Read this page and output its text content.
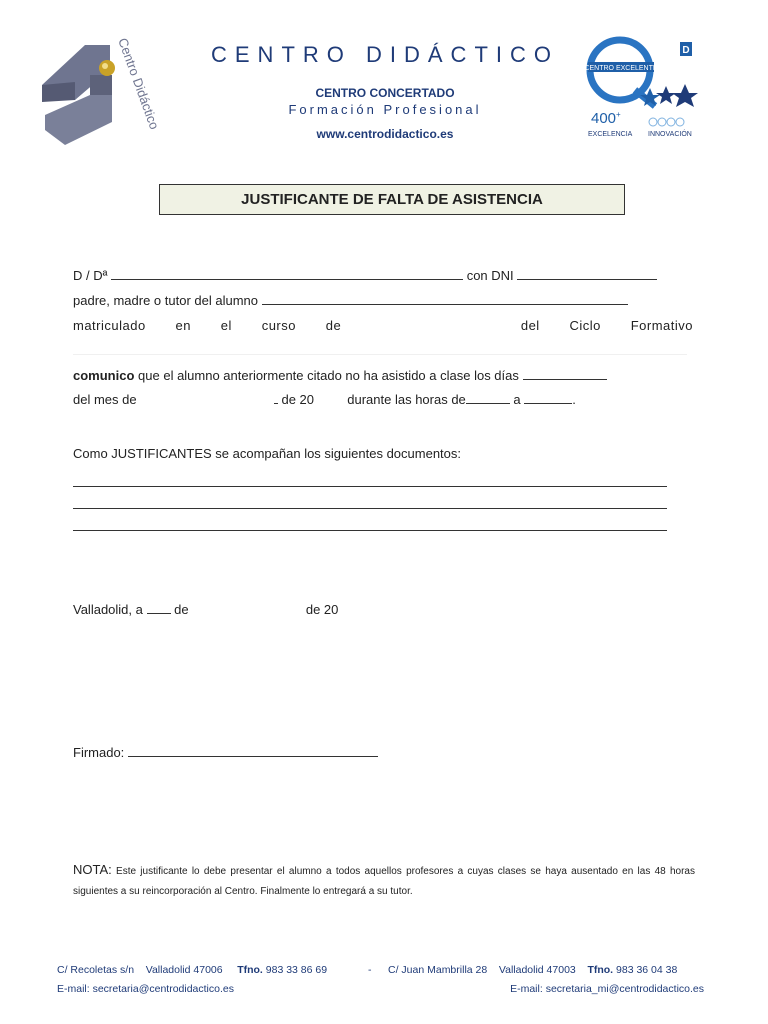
Centro Didáctico	CENTRO DIDÁCTICO
CENTRO CONCERTADO
Formación Profesional
www.centrodidactico.es
CENTRO EXCELENTE
D
400+
EXCELENCIA INNOVACIÓN
JUSTIFICANTE DE FALTA DE ASISTENCIA
D / Dª	con DNI
padre, madre o tutor del alumno
matriculado en el curso de	del Ciclo Formativo
comunico que el alumno anteriormente citado no ha asistido a clase los días
del mes de	de 20	durante las horas de	a	.
Como JUSTIFICANTES se acompañan los siguientes documentos:
Valladolid, a de	de 20
Firmado:
NOTA: Este justificante lo debe presentar el alumno a todos aquellos profesores a cuyas clases se haya ausentado en las 48 horas siguientes a su reincorporación al Centro. Finalmente lo entregará a su tutor.
C/ Recoletas s/n Valladolid 47006 Tfno. 983 33 86 69	- C/ Juan Mambrilla 28 Valladolid 47003 Tfno. 983 36 04 38
E-mail: secretaria@centrodidactico.es	E-mail: secretaria_mi@centrodidactico.es
